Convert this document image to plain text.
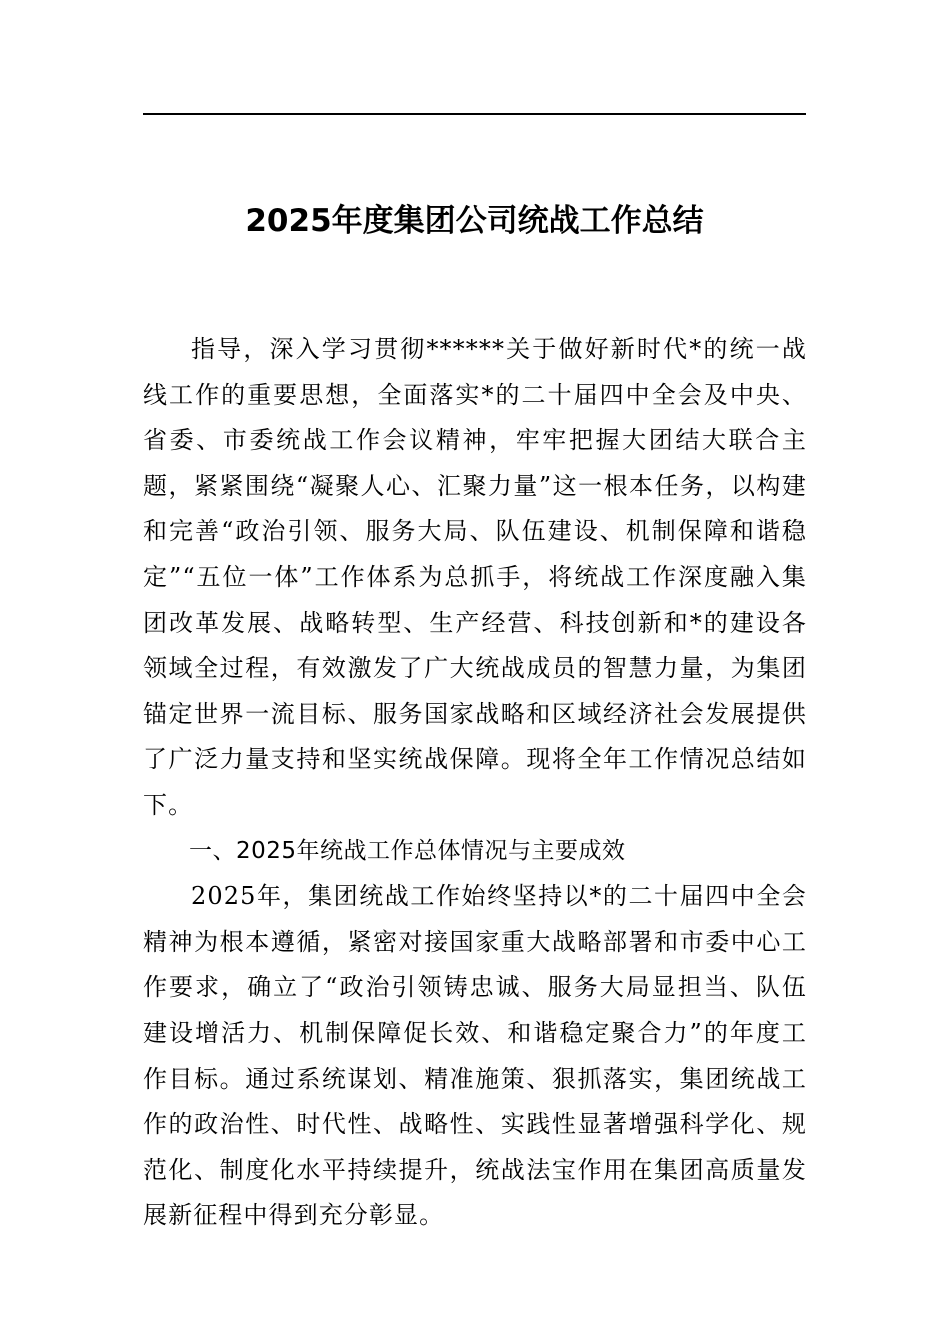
2025年度集团公司统战工作总结

指导，深入学习贯彻******关于做好新时代*的统一战线工作的重要思想，全面落实*的二十届四中全会及中央、省委、市委统战工作会议精神，牢牢把握大团结大联合主题，紧紧围绕“凝聚人心、汇聚力量”这一根本任务，以构建和完善“政治引领、服务大局、队伍建设、机制保障和谐稳定”“五位一体”工作体系为总抓手，将统战工作深度融入集团改革发展、战略转型、生产经营、科技创新和*的建设各领域全过程，有效激发了广大统战成员的智慧力量，为集团锚定世界一流目标、服务国家战略和区域经济社会发展提供了广泛力量支持和坚实统战保障。现将全年工作情况总结如下。

一、2025年统战工作总体情况与主要成效

2025年，集团统战工作始终坚持以*的二十届四中全会精神为根本遵循，紧密对接国家重大战略部署和市委中心工作要求，确立了“政治引领铸忠诚、服务大局显担当、队伍建设增活力、机制保障促长效、和谐稳定聚合力”的年度工作目标。通过系统谋划、精准施策、狠抓落实，集团统战工作的政治性、时代性、战略性、实践性显著增强科学化、规范化、制度化水平持续提升，统战法宝作用在集团高质量发展新征程中得到充分彰显。
